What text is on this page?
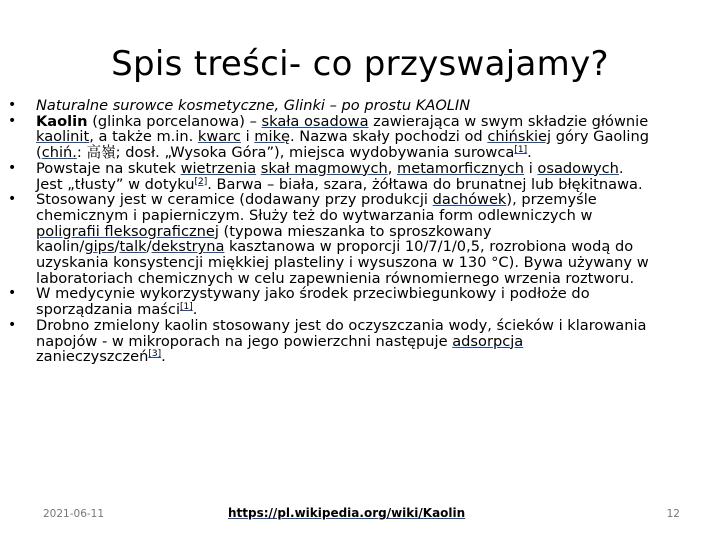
Spis treści- co przyswajamy?
• Naturalne surowce kosmetyczne, Glinki – po prostu KAOLIN
• Kaolin (glinka porcelanowa) – skała osadowa zawierająca w swym składzie głównie
kaolinit, a także m.in. kwarc i mikę. Nazwa skały pochodzi od chińskiej góry Gaoling
(chiń.: 高嶺; dosł. „Wysoka Góra”), miejsca wydobywania surowca[1].
• Powstaje na skutek wietrzenia skał magmowych, metamorficznych i osadowych.
Jest „tłusty” w dotyku[2]. Barwa – biała, szara, żółtawa do brunatnej lub błękitnawa.
• Stosowany jest w ceramice (dodawany przy produkcji dachówek), przemyśle
chemicznym i papierniczym. Służy też do wytwarzania form odlewniczych w
poligrafii fleksograficznej (typowa mieszanka to sproszkowany
kaolin/gips/talk/dekstryna kasztanowa w proporcji 10/7/1/0,5, rozrobiona wodą do
uzyskania konsystencji miękkiej plasteliny i wysuszona w 130 °C). Bywa używany w
laboratoriach chemicznych w celu zapewnienia równomiernego wrzenia roztworu.
• W medycynie wykorzystywany jako środek przeciwbiegunkowy i podłoże do
sporządzania maści[1].
• Drobno zmielony kaolin stosowany jest do oczyszczania wody, ścieków i klarowania
napojów - w mikroporach na jego powierzchni następuje adsorpcja
zanieczyszczeń[3].
2021-06-11	https://pl.wikipedia.org/wiki/Kaolin	12
